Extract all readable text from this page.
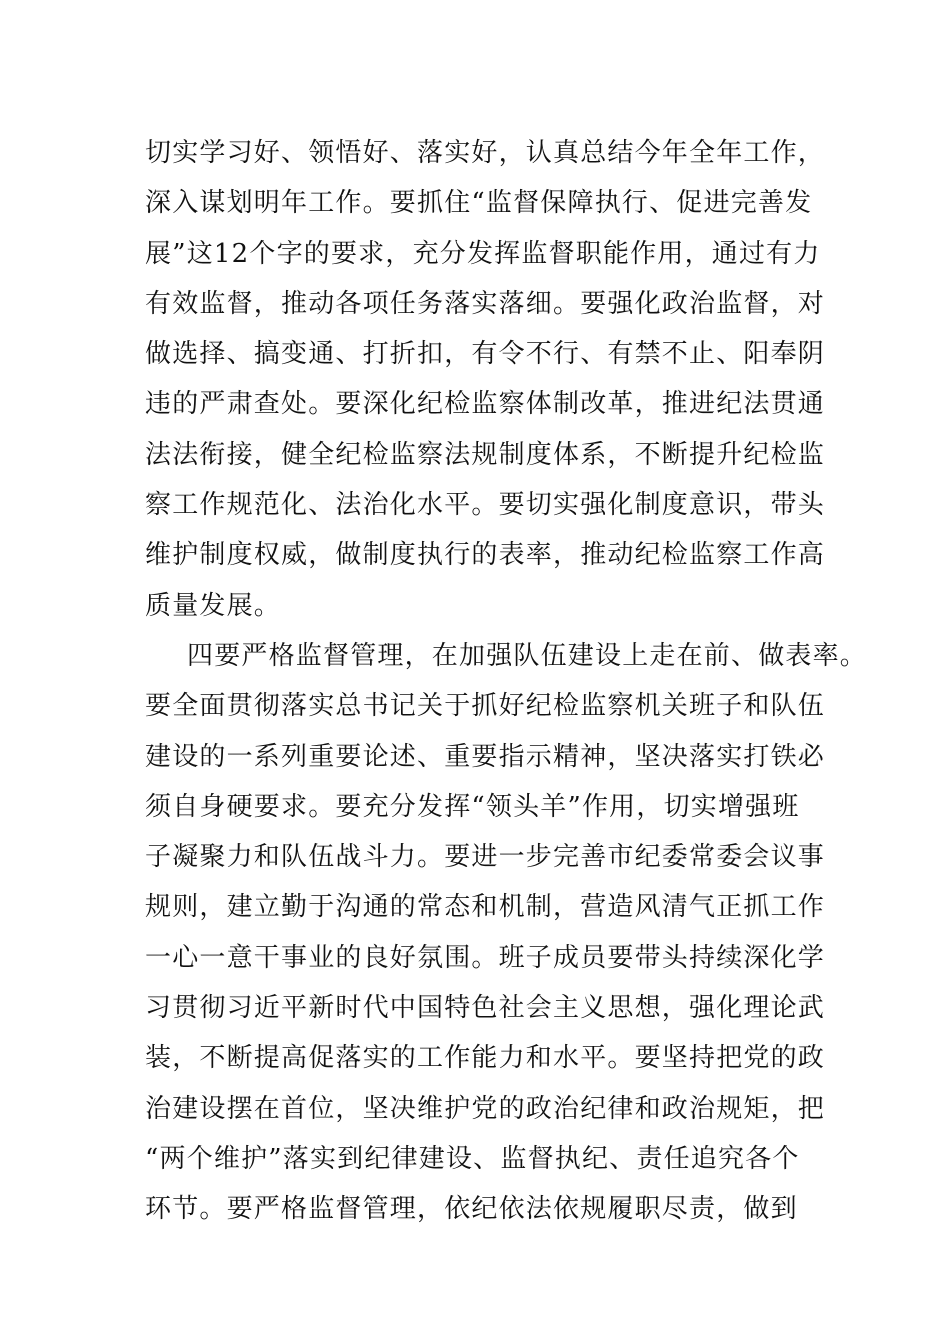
切实学习好、领悟好、落实好，认真总结今年全年工作，
深入谋划明年工作。要抓住“监督保障执行、促进完善发
展”这12个字的要求，充分发挥监督职能作用，通过有力
有效监督，推动各项任务落实落细。要强化政治监督，对
做选择、搞变通、打折扣，有令不行、有禁不止、阳奉阴
违的严肃查处。要深化纪检监察体制改革，推进纪法贯通
法法衔接，健全纪检监察法规制度体系，不断提升纪检监
察工作规范化、法治化水平。要切实强化制度意识，带头
维护制度权威，做制度执行的表率，推动纪检监察工作高
质量发展。
四要严格监督管理，在加强队伍建设上走在前、做表率。
要全面贯彻落实总书记关于抓好纪检监察机关班子和队伍
建设的一系列重要论述、重要指示精神，坚决落实打铁必
须自身硬要求。要充分发挥“领头羊”作用，切实增强班
子凝聚力和队伍战斗力。要进一步完善市纪委常委会议事
规则，建立勤于沟通的常态和机制，营造风清气正抓工作
一心一意干事业的良好氛围。班子成员要带头持续深化学
习贯彻习近平新时代中国特色社会主义思想，强化理论武
装，不断提高促落实的工作能力和水平。要坚持把党的政
治建设摆在首位，坚决维护党的政治纪律和政治规矩，把
“两个维护”落实到纪律建设、监督执纪、责任追究各个
环节。要严格监督管理，依纪依法依规履职尽责，做到
